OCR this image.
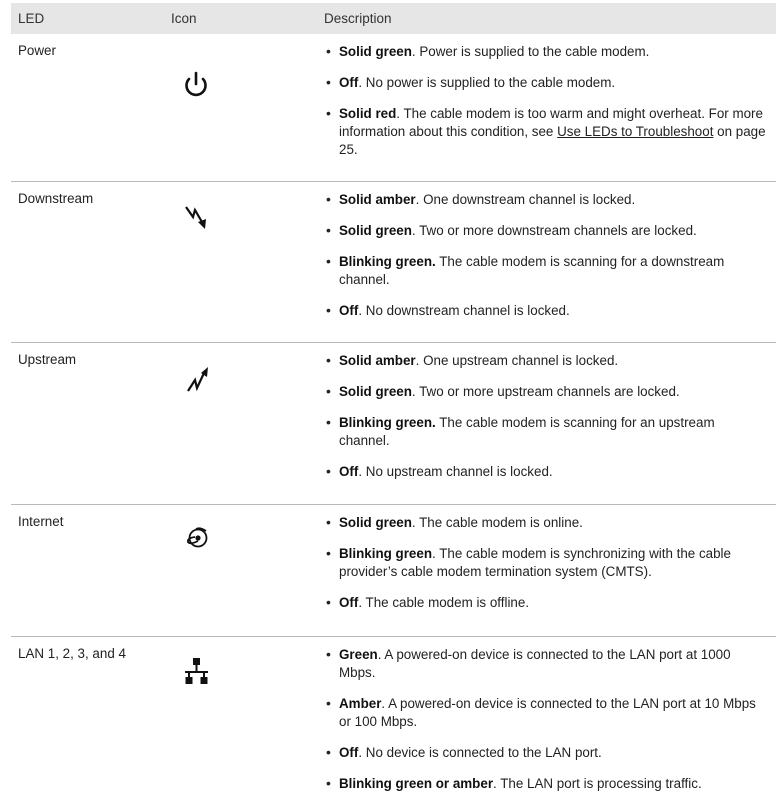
LED	Icon	Description
Power	• Solid green. Power is supplied to the cable modem.
• Off. No power is supplied to the cable modem.
• Solid red. The cable modem is too warm and might overheat. For more information about this condition, see Use LEDs to Troubleshoot on page 25.
Downstream	• Solid amber. One downstream channel is locked.
• Solid green. Two or more downstream channels are locked.
• Blinking green. The cable modem is scanning for a downstream channel.
• Off. No downstream channel is locked.
Upstream	• Solid amber. One upstream channel is locked.
• Solid green. Two or more upstream channels are locked.
• Blinking green. The cable modem is scanning for an upstream channel.
• Off. No upstream channel is locked.
Internet	• Solid green. The cable modem is online.
• Blinking green. The cable modem is synchronizing with the cable provider’s cable modem termination system (CMTS).
• Off. The cable modem is offline.
LAN 1, 2, 3, and 4	• Green. A powered-on device is connected to the LAN port at 1000 Mbps.
• Amber. A powered-on device is connected to the LAN port at 10 Mbps or 100 Mbps.
• Off. No device is connected to the LAN port.
• Blinking green or amber. The LAN port is processing traffic.
